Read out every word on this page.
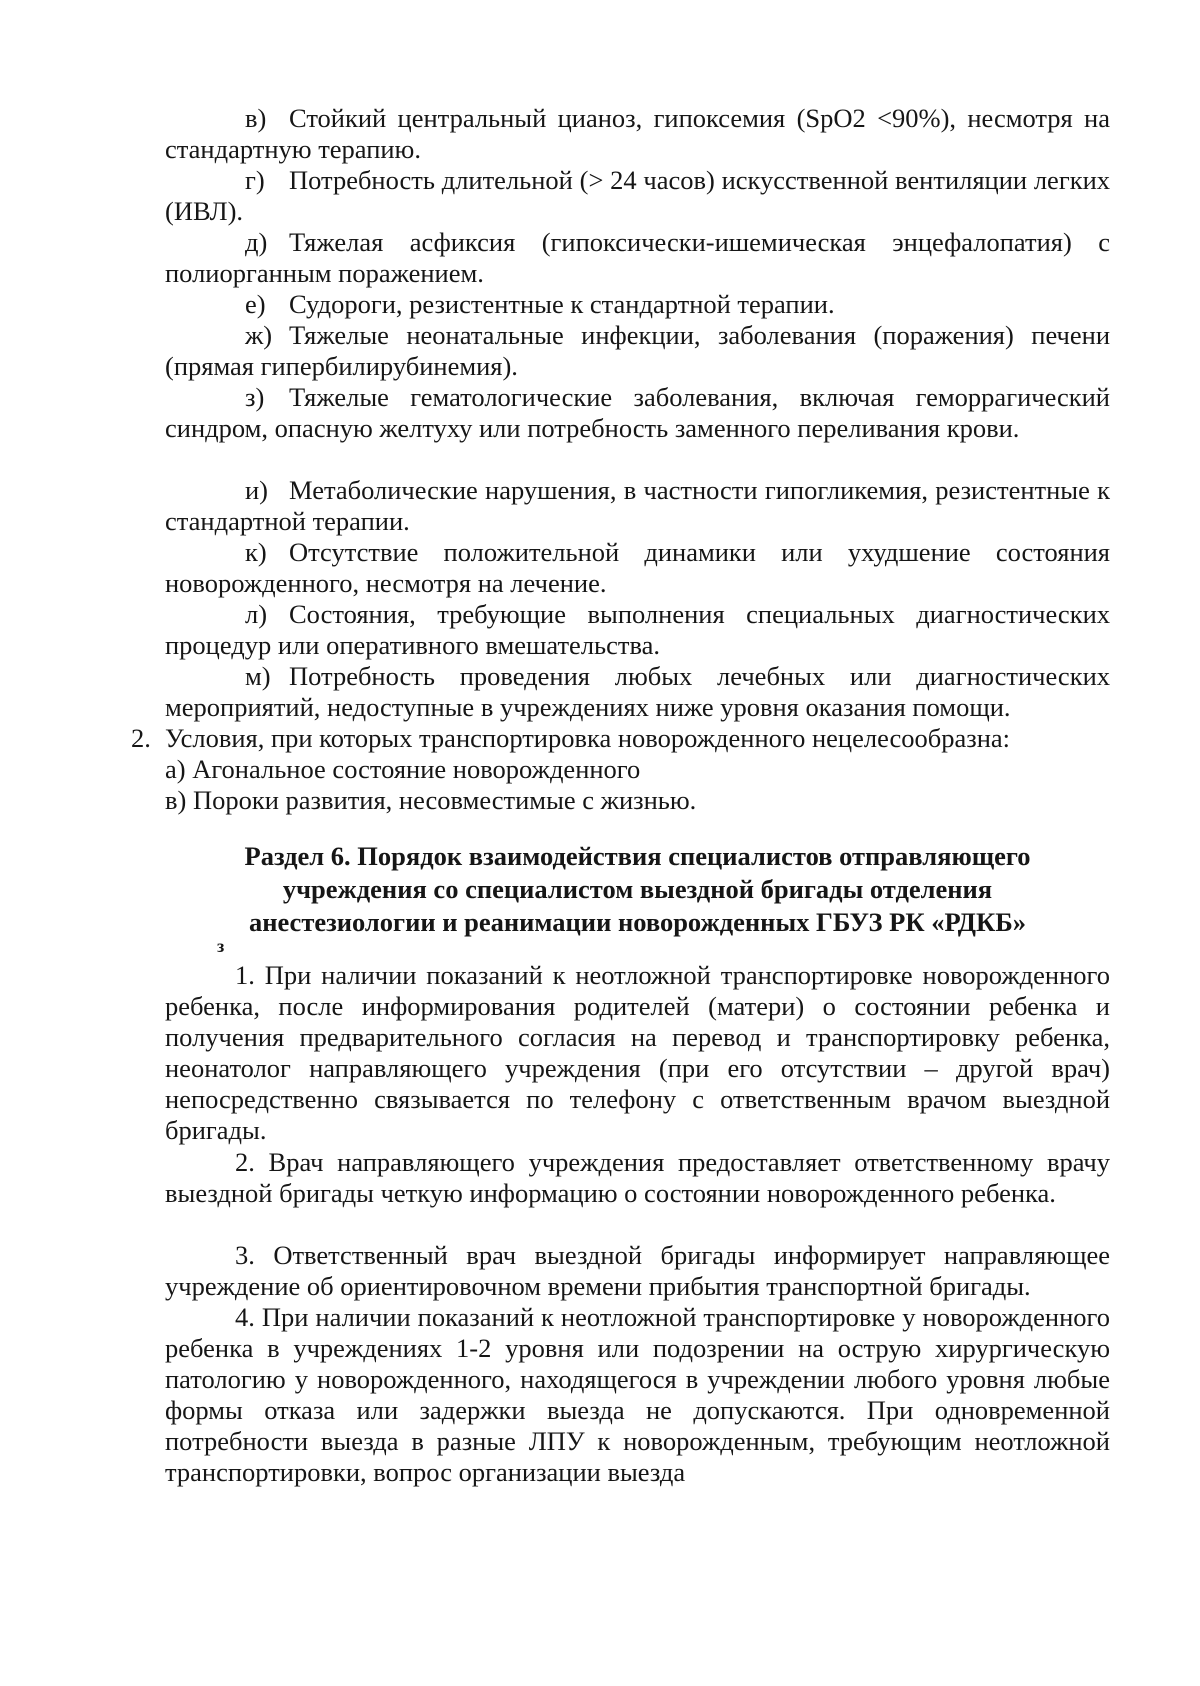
в) Стойкий центральный цианоз, гипоксемия (SpO2 <90%), несмотря на стандартную терапию.

г) Потребность длительной (> 24 часов) искусственной вентиляции легких (ИВЛ).

д) Тяжелая асфиксия (гипоксически-ишемическая энцефалопатия) с полиорганным поражением.

е) Судороги, резистентные к стандартной терапии.

ж) Тяжелые неонатальные инфекции, заболевания (поражения) печени (прямая гипербилирубинемия).

з) Тяжелые гематологические заболевания, включая геморрагический синдром, опасную желтуху или потребность заменного переливания крови.

и) Метаболические нарушения, в частности гипогликемия, резистентные к стандартной терапии.

к) Отсутствие положительной динамики или ухудшение состояния новорожденного, несмотря на лечение.

л) Состояния, требующие выполнения специальных диагностических процедур или оперативного вмешательства.

м) Потребность проведения любых лечебных или диагностических мероприятий, недоступные в учреждениях ниже уровня оказания помощи.

2. Условия, при которых транспортировка новорожденного нецелесообразна:

а) Агональное состояние новорожденного

в) Пороки развития, несовместимые с жизнью.

Раздел 6. Порядок взаимодействия специалистов отправляющего
учреждения со специалистом выездной бригады отделения
анестезиологии и реанимации новорожденных ГБУЗ РК «РДКБ»
з

1. При наличии показаний к неотложной транспортировке новорожденного ребенка, после информирования родителей (матери) о состоянии ребенка и получения предварительного согласия на перевод и транспортировку ребенка, неонатолог направляющего учреждения (при его отсутствии – другой врач) непосредственно связывается по телефону с ответственным врачом выездной бригады.

2. Врач направляющего учреждения предоставляет ответственному врачу выездной бригады четкую информацию о состоянии новорожденного ребенка.

3. Ответственный врач выездной бригады информирует направляющее учреждение об ориентировочном времени прибытия транспортной бригады.

4. При наличии показаний к неотложной транспортировке у новорожденного ребенка в учреждениях 1-2 уровня или подозрении на острую хирургическую патологию у новорожденного, находящегося в учреждении любого уровня любые формы отказа или задержки выезда не допускаются. При одновременной потребности выезда в разные ЛПУ к новорожденным, требующим неотложной транспортировки, вопрос организации выезда
